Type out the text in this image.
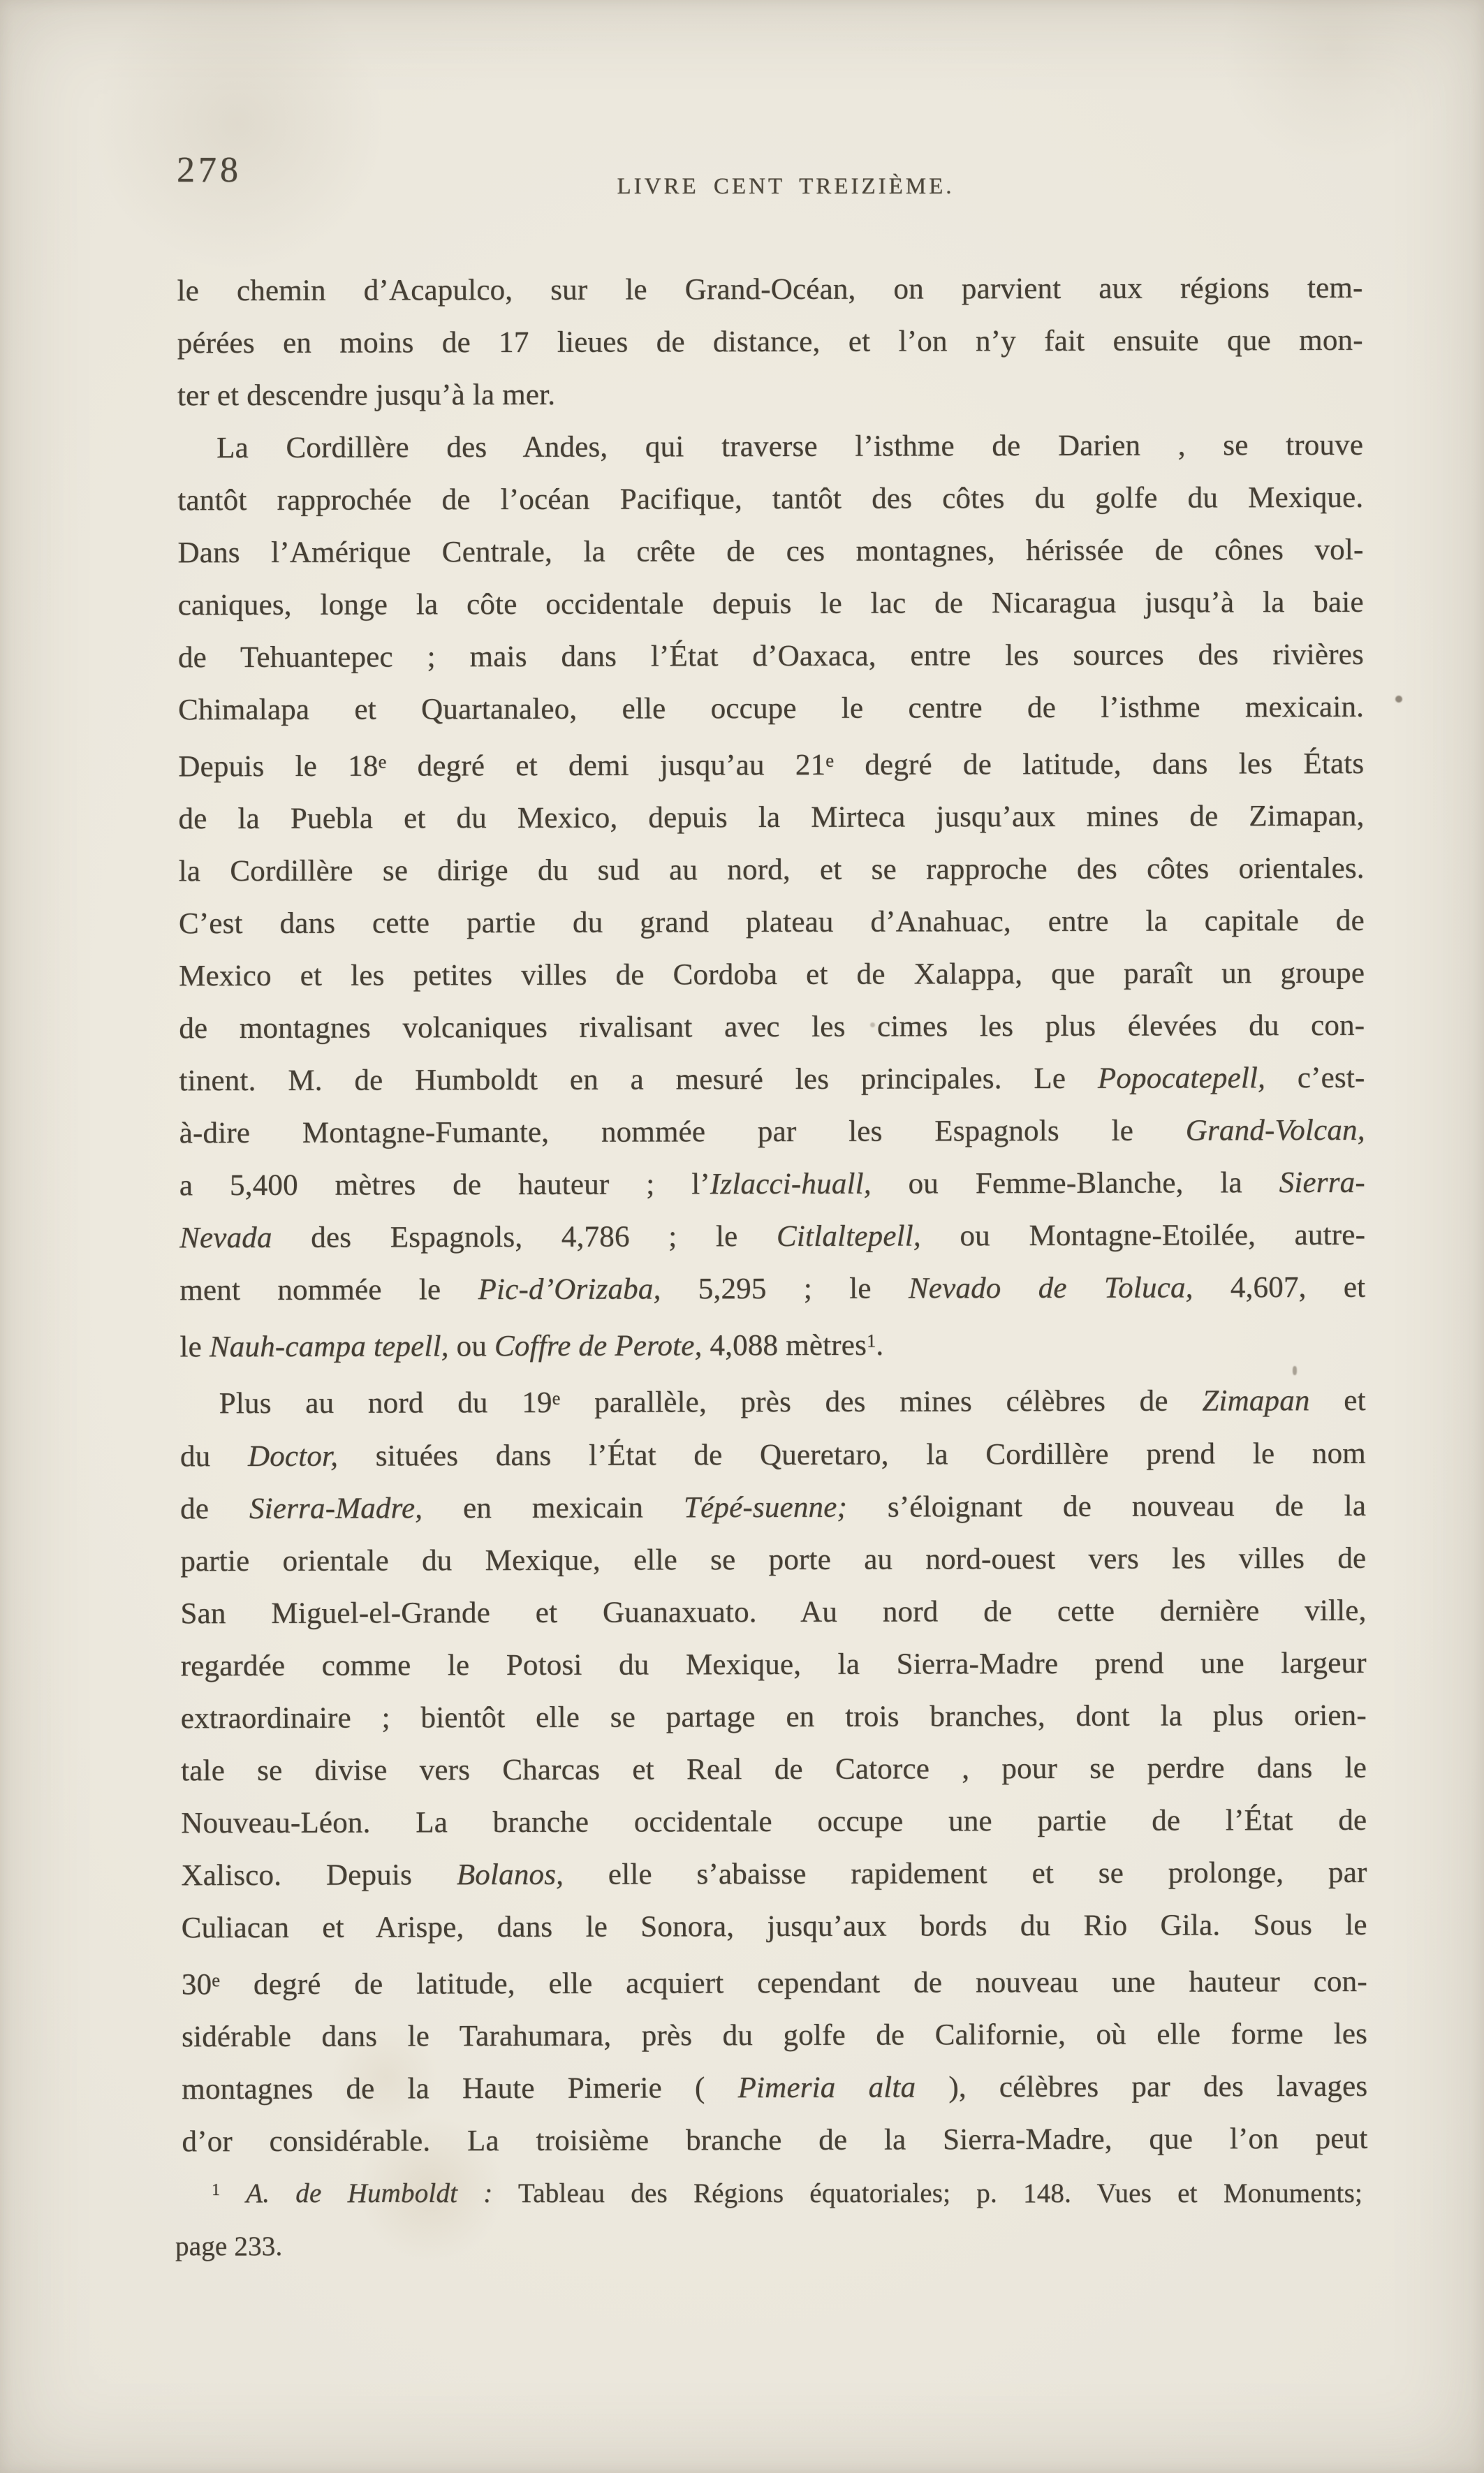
278	LIVRE CENT TREIZIÈME.
le chemin d’Acapulco, sur le Grand-Océan, on parvient aux régions tem-
pérées en moins de 17 lieues de distance, et l’on n’y fait ensuite que mon-
ter et descendre jusqu’à la mer.
La Cordillère des Andes, qui traverse l’isthme de Darien , se trouve
tantôt rapprochée de l’océan Pacifique, tantôt des côtes du golfe du Mexique.
Dans l’Amérique Centrale, la crête de ces montagnes, hérissée de cônes vol-
caniques, longe la côte occidentale depuis le lac de Nicaragua jusqu’à la baie
de Tehuantepec ; mais dans l’État d’Oaxaca, entre les sources des rivières
Chimalapa et Quartanaleo, elle occupe le centre de l’isthme mexicain.
Depuis le 18e degré et demi jusqu’au 21e degré de latitude, dans les États
de la Puebla et du Mexico, depuis la Mirteca jusqu’aux mines de Zimapan,
la Cordillère se dirige du sud au nord, et se rapproche des côtes orientales.
C’est dans cette partie du grand plateau d’Anahuac, entre la capitale de
Mexico et les petites villes de Cordoba et de Xalappa, que paraît un groupe
de montagnes volcaniques rivalisant avec les cimes les plus élevées du con-
tinent. M. de Humboldt en a mesuré les principales. Le Popocatepell, c’est-
à-dire Montagne-Fumante, nommée par les Espagnols le Grand-Volcan,
a 5,400 mètres de hauteur ; l’Izlacci-huall, ou Femme-Blanche, la Sierra-
Nevada des Espagnols, 4,786 ; le Citlaltepell, ou Montagne-Etoilée, autre-
ment nommée le Pic-d’Orizaba, 5,295 ; le Nevado de Toluca, 4,607, et
le Nauh-campa tepell, ou Coffre de Perote, 4,088 mètres$^1$.
Plus au nord du 19e parallèle, près des mines célèbres de Zimapan et
du Doctor, situées dans l’État de Queretaro, la Cordillère prend le nom
de Sierra-Madre, en mexicain Tépé-suenne; s’éloignant de nouveau de la
partie orientale du Mexique, elle se porte au nord-ouest vers les villes de
San Miguel-el-Grande et Guanaxuato. Au nord de cette dernière ville,
regardée comme le Potosi du Mexique, la Sierra-Madre prend une largeur
extraordinaire ; bientôt elle se partage en trois branches, dont la plus orien-
tale se divise vers Charcas et Real de Catorce , pour se perdre dans le
Nouveau-Léon. La branche occidentale occupe une partie de l’État de
Xalisco. Depuis Bolanos, elle s’abaisse rapidement et se prolonge, par
Culiacan et Arispe, dans le Sonora, jusqu’aux bords du Rio Gila. Sous le
30e degré de latitude, elle acquiert cependant de nouveau une hauteur con-
sidérable dans le Tarahumara, près du golfe de Californie, où elle forme les
montagnes de la Haute Pimerie ( Pimeria alta ), célèbres par des lavages
d’or considérable. La troisième branche de la Sierra-Madre, que l’on peut
$^1$ A. de Humboldt : Tableau des Régions équatoriales; p. 148. Vues et Monuments;
page 233.
